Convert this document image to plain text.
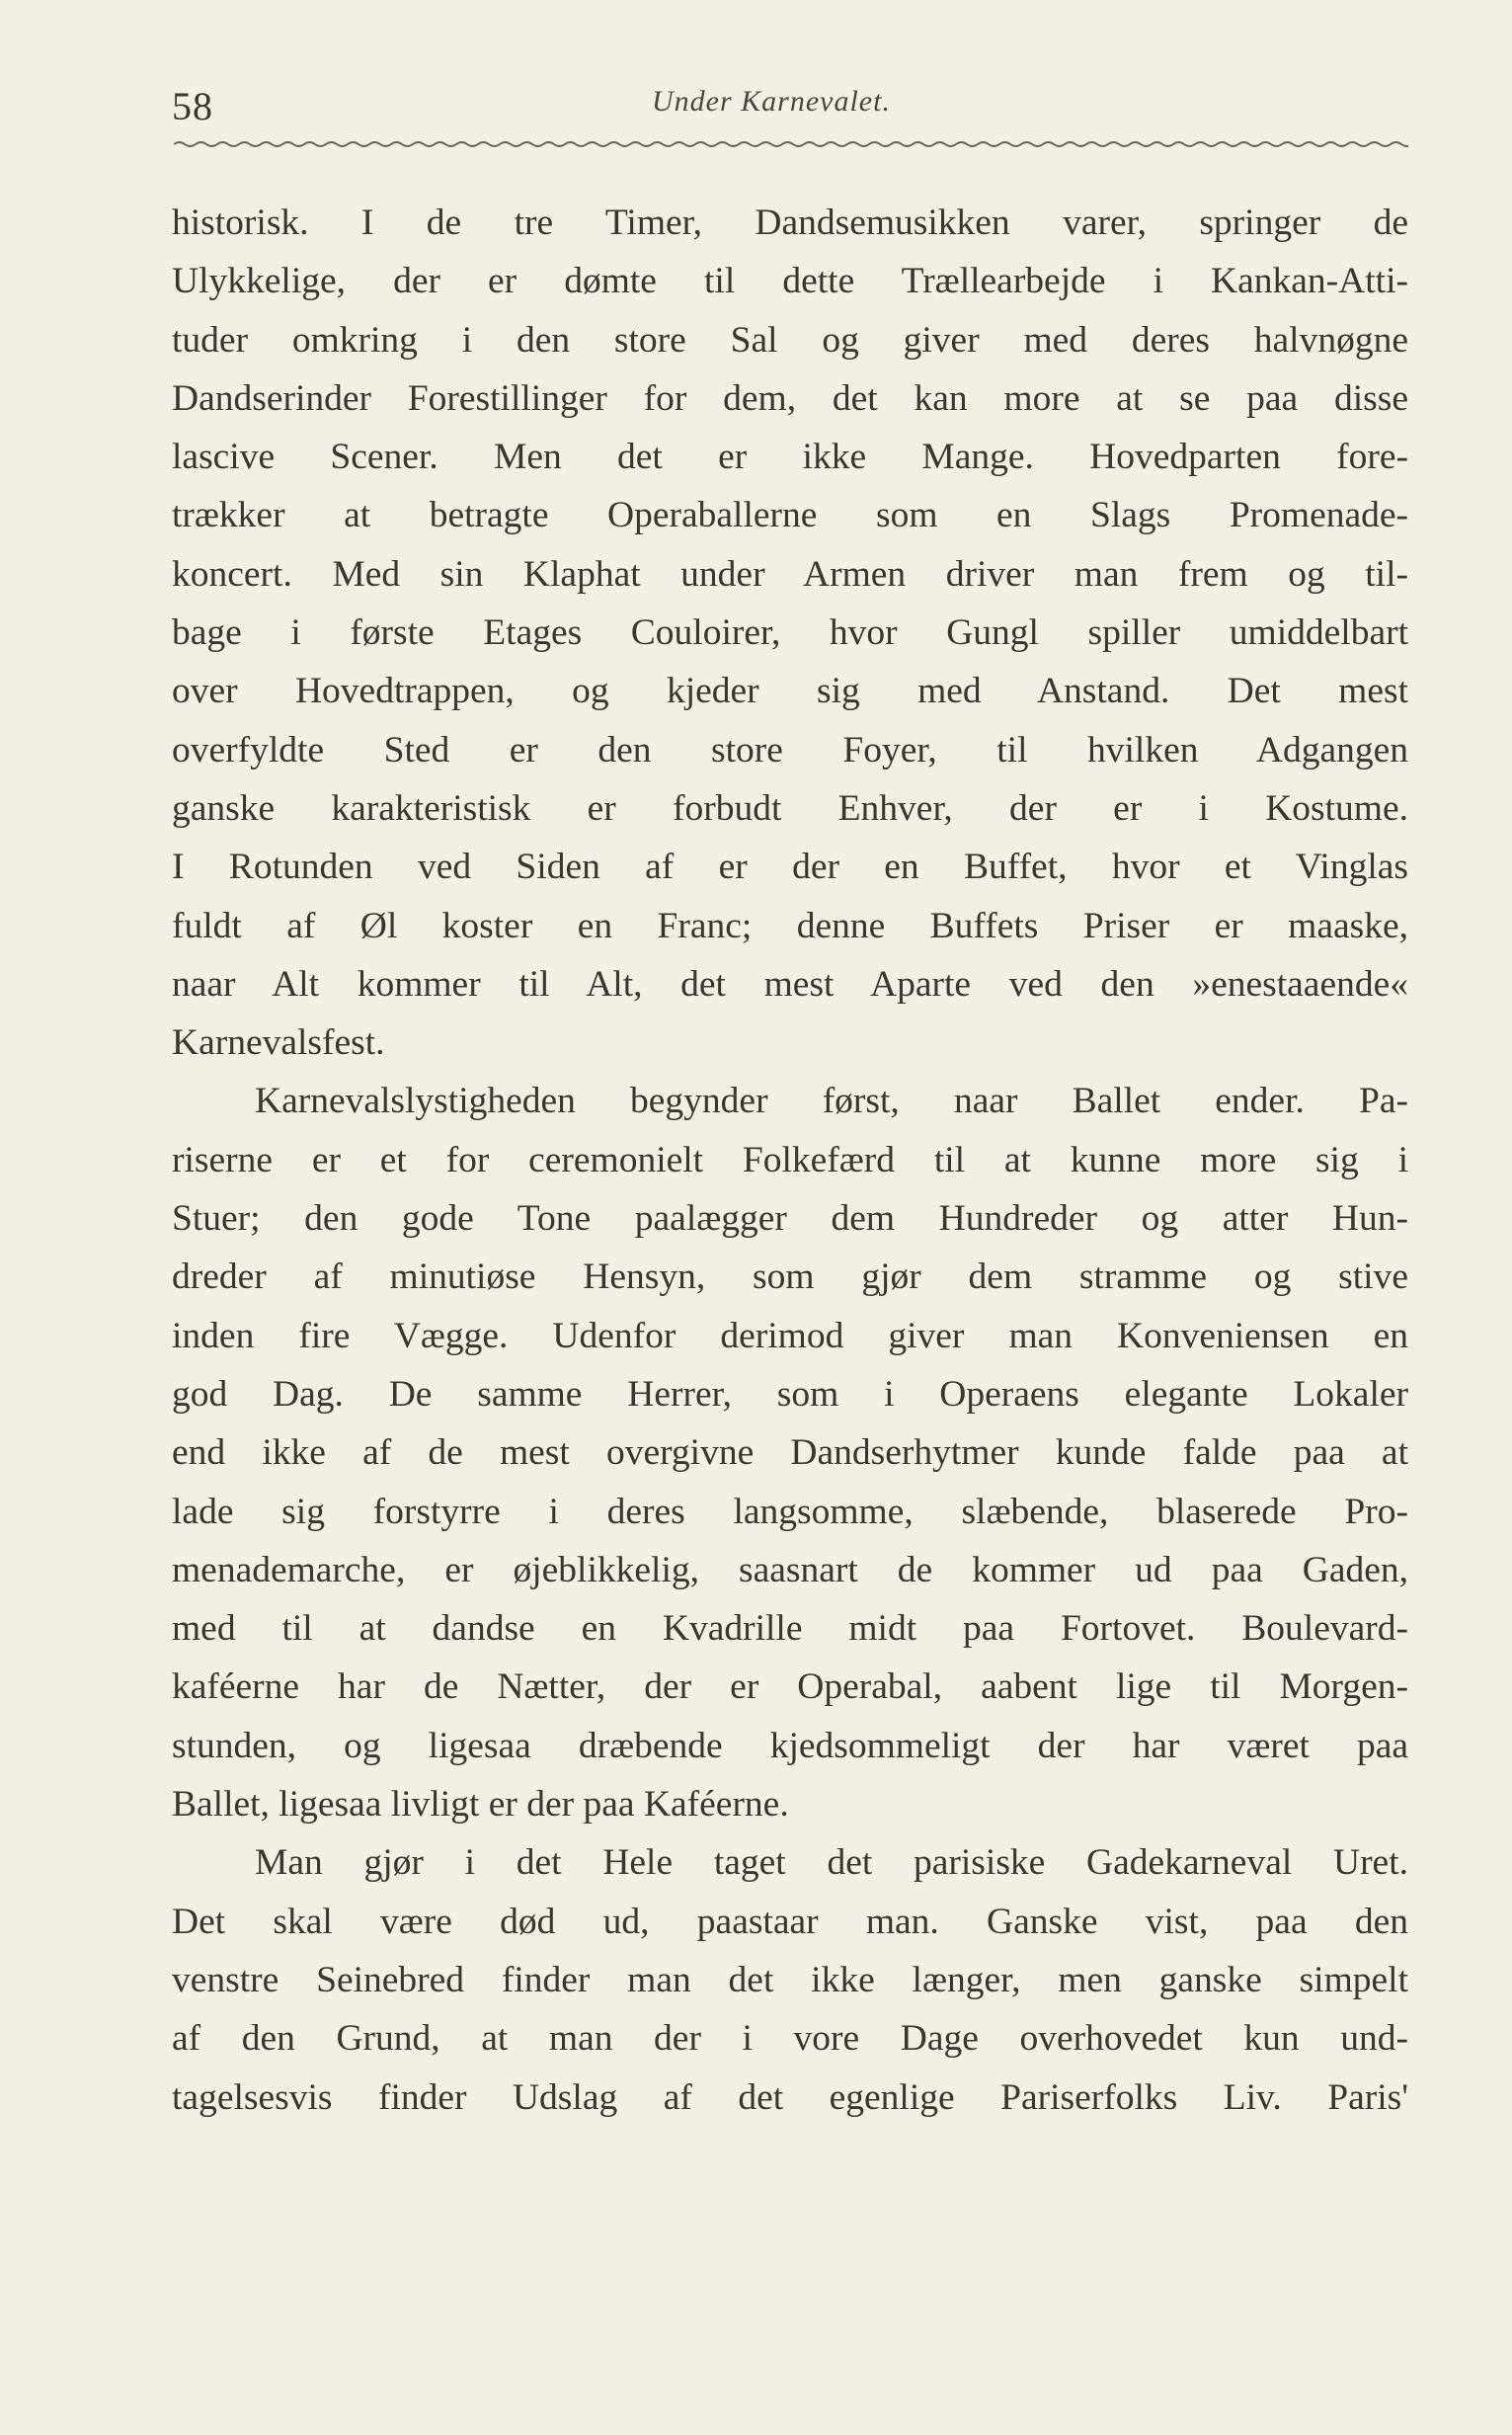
58	Under Karnevalet.
historisk. I de tre Timer, Dandsemusikken varer, springer de
Ulykkelige, der er dømte til dette Trællearbejde i Kankan-Atti-
tuder omkring i den store Sal og giver med deres halvnøgne
Dandserinder Forestillinger for dem, det kan more at se paa disse
lascive Scener. Men det er ikke Mange. Hovedparten fore-
trækker at betragte Operaballerne som en Slags Promenade-
koncert. Med sin Klaphat under Armen driver man frem og til-
bage i første Etages Couloirer, hvor Gungl spiller umiddelbart
over Hovedtrappen, og kjeder sig med Anstand. Det mest
overfyldte Sted er den store Foyer, til hvilken Adgangen
ganske karakteristisk er forbudt Enhver, der er i Kostume.
I Rotunden ved Siden af er der en Buffet, hvor et Vinglas
fuldt af Øl koster en Franc; denne Buffets Priser er maaske,
naar Alt kommer til Alt, det mest Aparte ved den »enestaaende«
Karnevalsfest.
Karnevalslystigheden begynder først, naar Ballet ender. Pa-
riserne er et for ceremonielt Folkefærd til at kunne more sig i
Stuer; den gode Tone paalægger dem Hundreder og atter Hun-
dreder af minutiøse Hensyn, som gjør dem stramme og stive
inden fire Vægge. Udenfor derimod giver man Konveniensen en
god Dag. De samme Herrer, som i Operaens elegante Lokaler
end ikke af de mest overgivne Dandserhytmer kunde falde paa at
lade sig forstyrre i deres langsomme, slæbende, blaserede Pro-
menademarche, er øjeblikkelig, saasnart de kommer ud paa Gaden,
med til at dandse en Kvadrille midt paa Fortovet. Boulevard-
kaféerne har de Nætter, der er Operabal, aabent lige til Morgen-
stunden, og ligesaa dræbende kjedsommeligt der har været paa
Ballet, ligesaa livligt er der paa Kaféerne.
Man gjør i det Hele taget det parisiske Gadekarneval Uret.
Det skal være død ud, paastaar man. Ganske vist, paa den
venstre Seinebred finder man det ikke længer, men ganske simpelt
af den Grund, at man der i vore Dage overhovedet kun und-
tagelsesvis finder Udslag af det egenlige Pariserfolks Liv. Paris'
